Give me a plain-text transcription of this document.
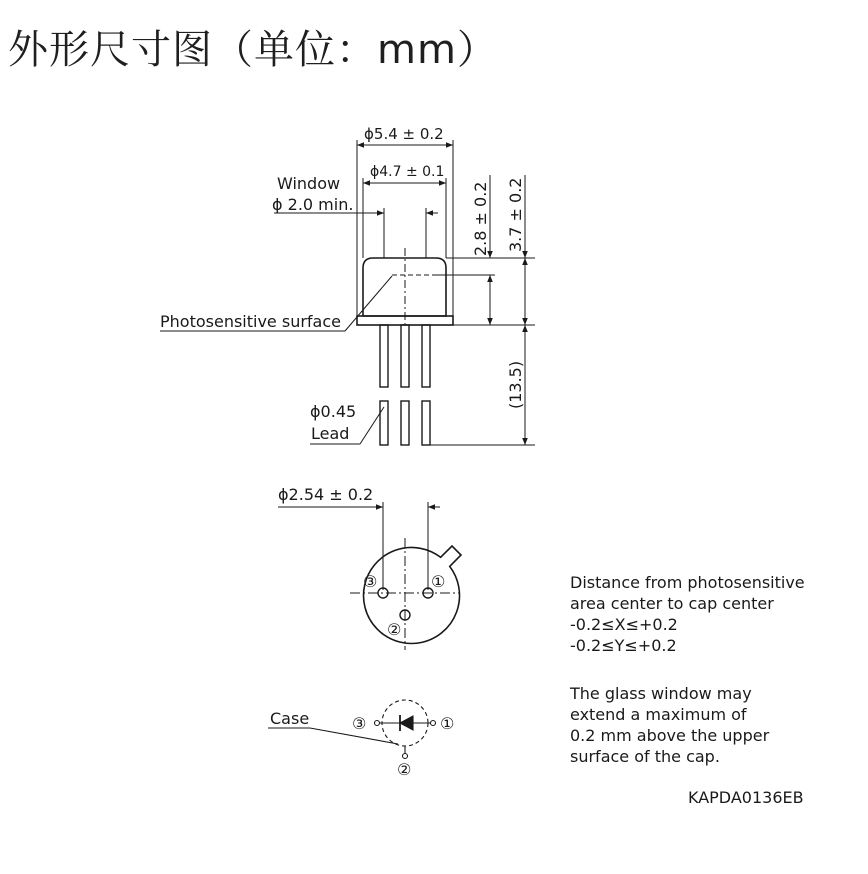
外形尺寸图（单位：mm）
ϕ5.4 ± 0.2
ϕ4.7 ± 0.1
Window
ϕ 2.0 min.	2.8 ± 0.2 3.7 ± 0.2
Photosensitive surface
(13.5)
ϕ0.45
Lead
ϕ2.54 ± 0.2
③	①
②
③	①
②
Case
Distance from photosensitive
area center to cap center
-0.2≤X≤+0.2
-0.2≤Y≤+0.2
The glass window may
extend a maximum of
0.2 mm above the upper
surface of the cap.
KAPDA0136EB
